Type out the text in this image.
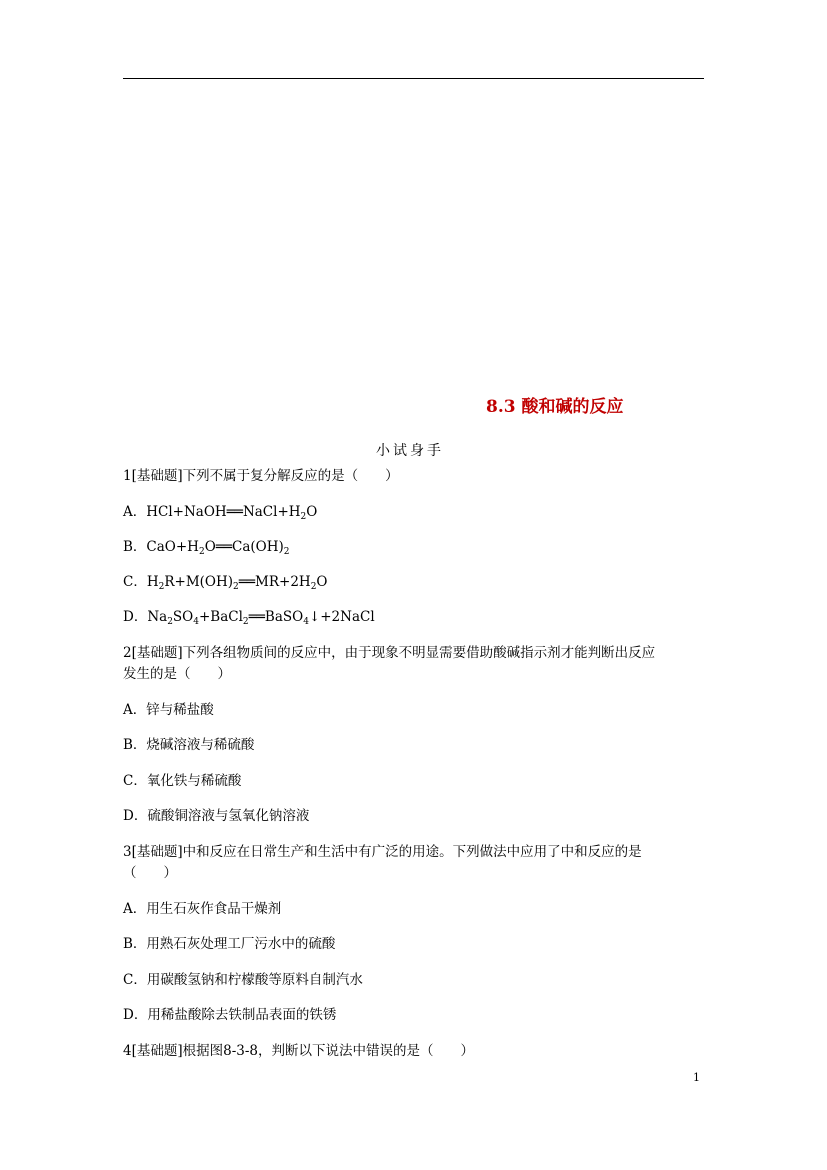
8.3 酸和碱的反应
小试身手
1[基础题]下列不属于复分解反应的是（　　）
A．$HCl+NaOH══NaCl+H_2O$
B．$CaO+H_2O══Ca(OH)_2$
C．$H_2R+M(OH)_2══MR+2H_2O$
D．$Na_2SO_4+BaCl_2══BaSO_4↓+2NaCl$
2[基础题]下列各组物质间的反应中，由于现象不明显需要借助酸碱指示剂才能判断出反应
发生的是（　　）
A．锌与稀盐酸
B．烧碱溶液与稀硫酸
C．氧化铁与稀硫酸
D．硫酸铜溶液与氢氧化钠溶液
3[基础题]中和反应在日常生产和生活中有广泛的用途。下列做法中应用了中和反应的是
（　　）
A．用生石灰作食品干燥剂
B．用熟石灰处理工厂污水中的硫酸
C．用碳酸氢钠和柠檬酸等原料自制汽水
D．用稀盐酸除去铁制品表面的铁锈
4[基础题]根据图8-3-8，判断以下说法中错误的是（　　）
1
